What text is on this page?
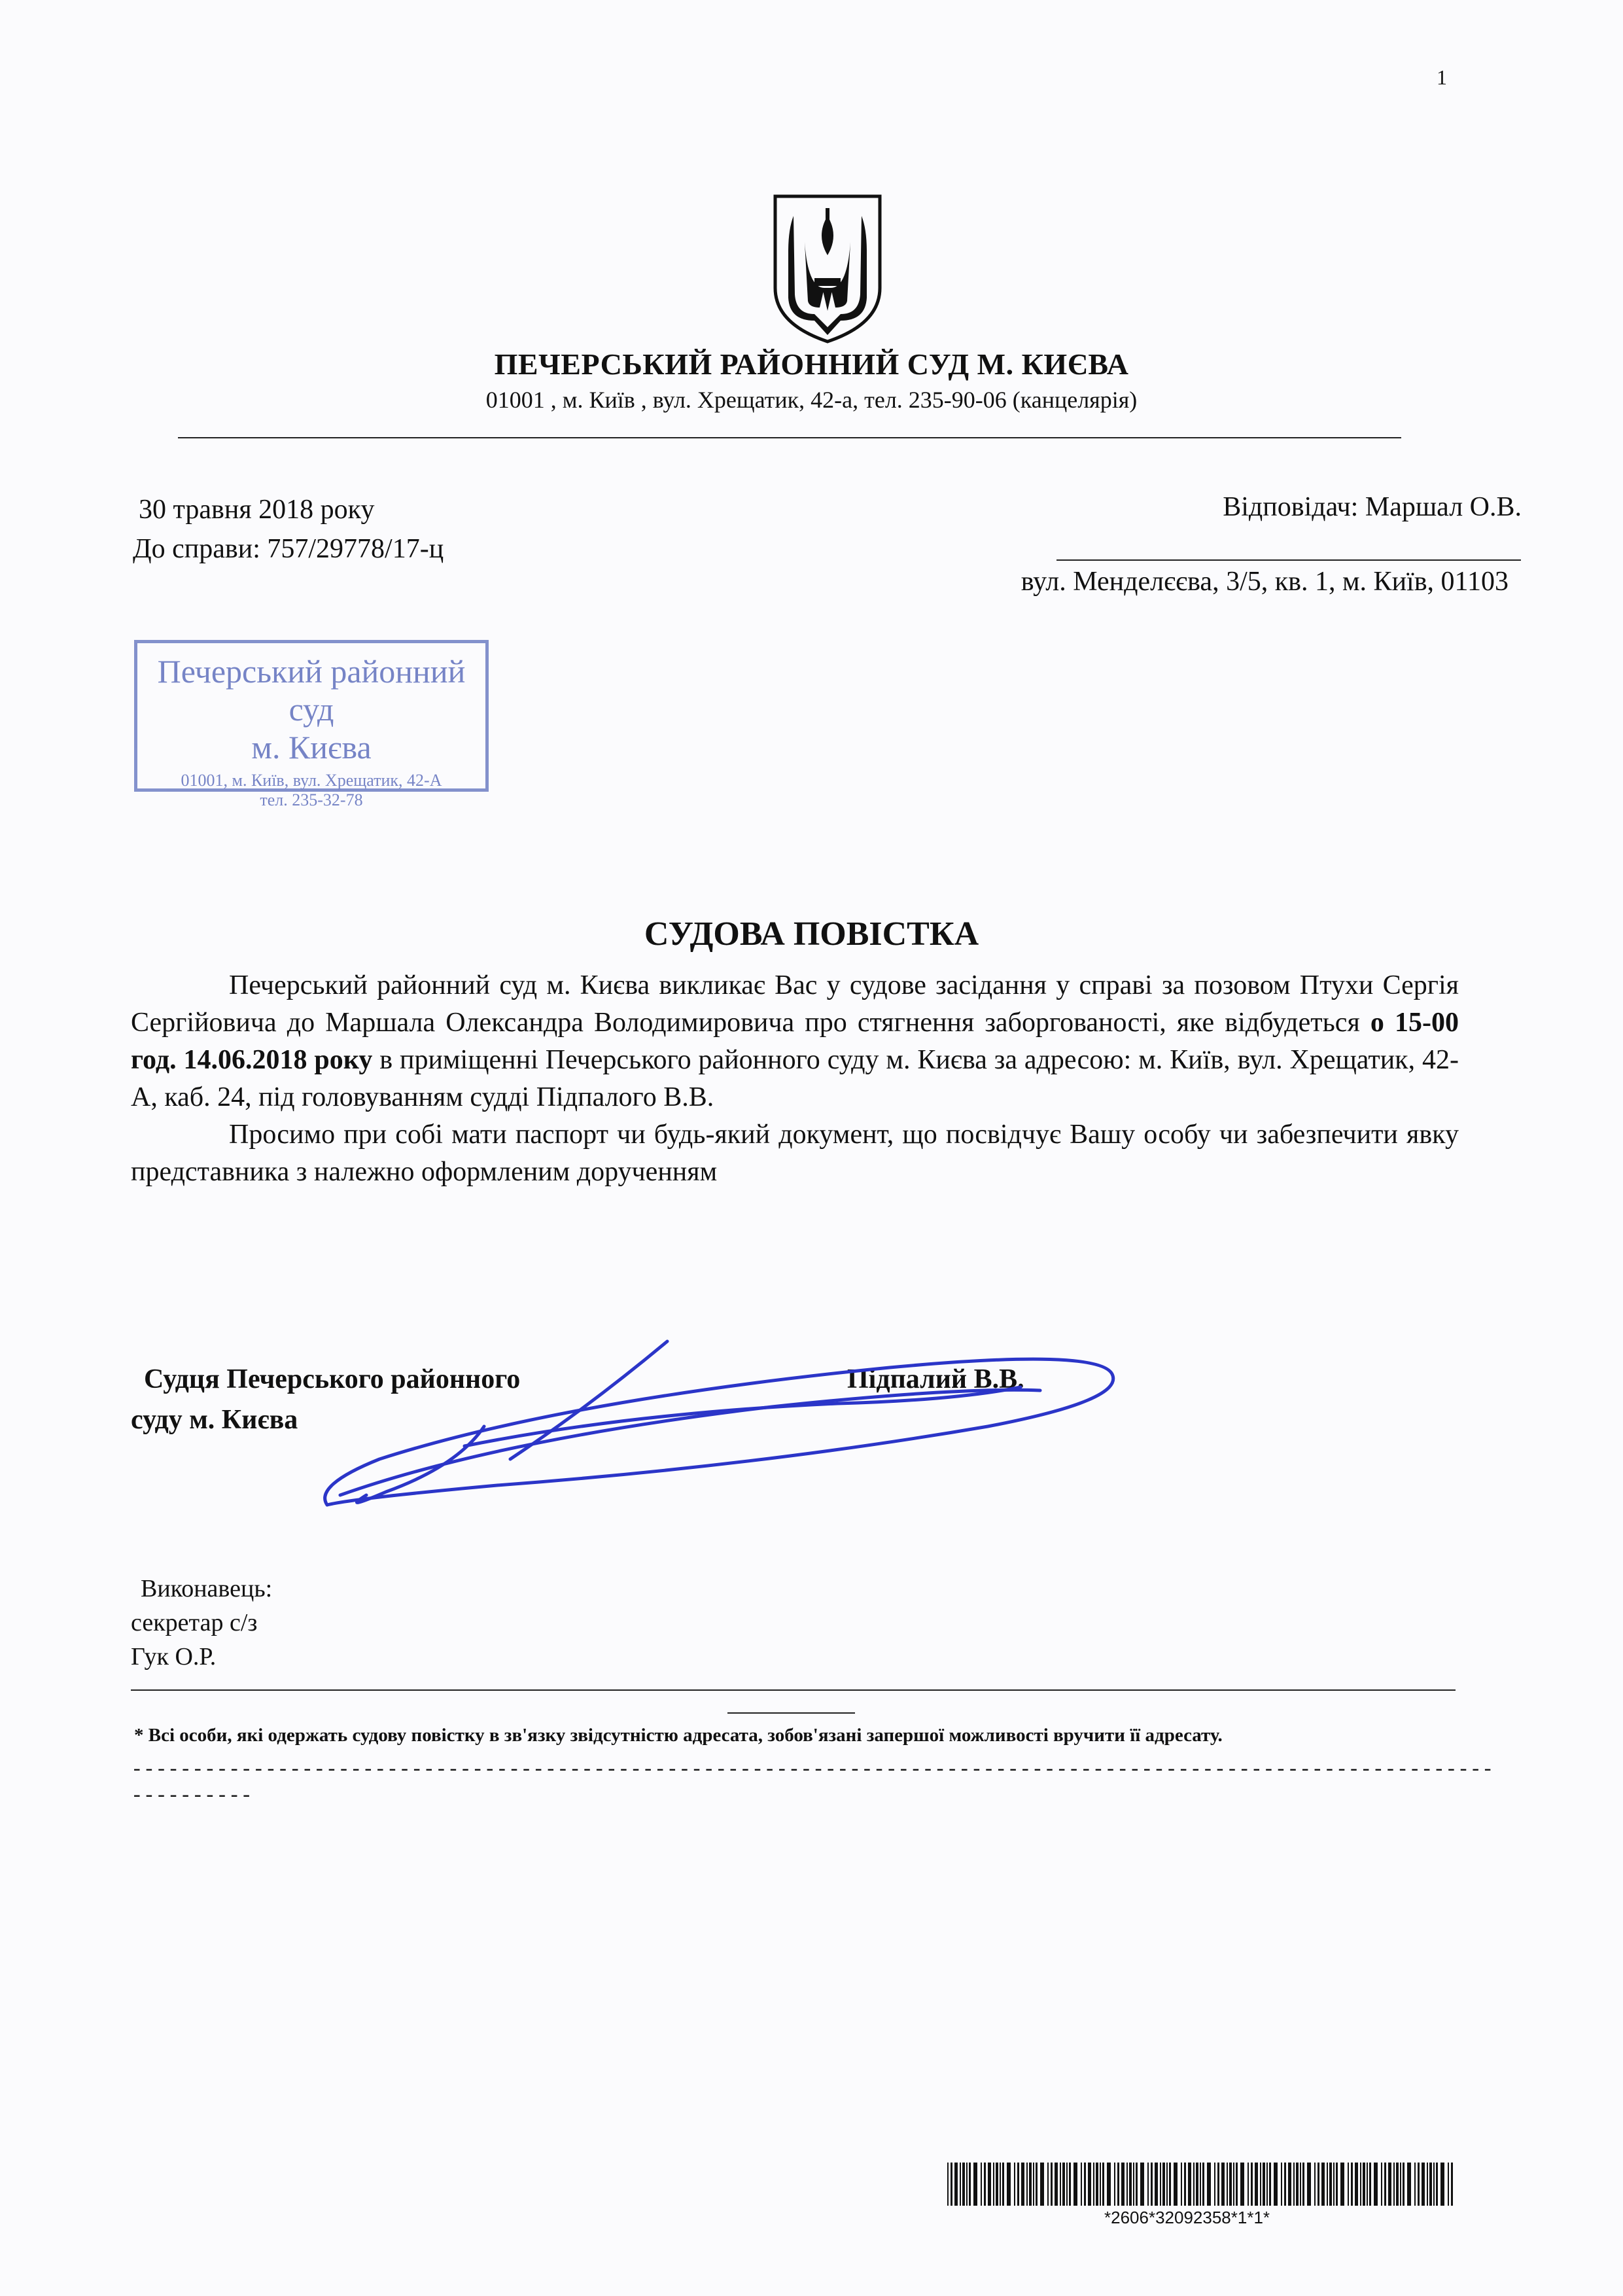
1
ПЕЧЕРСЬКИЙ РАЙОННИЙ СУД М. КИЄВА
01001 , м. Київ , вул. Хрещатик, 42-а, тел. 235-90-06 (канцелярія)
30 травня 2018 року
До справи: 757/29778/17-ц
Відповідач: Маршал О.В.
вул. Менделєєва, 3/5, кв. 1, м. Київ, 01103
Печерський районний суд
м. Києва
01001, м. Київ, вул. Хрещатик, 42-А
тел. 235-32-78
СУДОВА ПОВІСТКА

Печерський районний суд м. Києва викликає Вас у судове засідання у справі за позовом Птухи Сергія Сергійовича до Маршала Олександра Володимировича про стягнення заборгованості, яке відбудеться о 15-00 год. 14.06.2018 року в приміщенні Печерського районного суду м. Києва за адресою: м. Київ, вул. Хрещатик, 42-А, каб. 24, під головуванням судді Підпалого В.В.

Просимо при собі мати паспорт чи будь-який документ, що посвідчує Вашу особу чи забезпечити явку представника з належно оформленим дорученням

Судця Печерського районного
суду м. Києва
Підпалий В.В.
Виконавець:
секретар с/з
Гук О.Р.
* Всі особи, які одержать судову повістку в зв'язку звідсутністю адресата, зобов'язані запершої можливості вручити її адресату.
----------------------------------------------------------------------------------------------------------------
----------
*2606*32092358*1*1*
